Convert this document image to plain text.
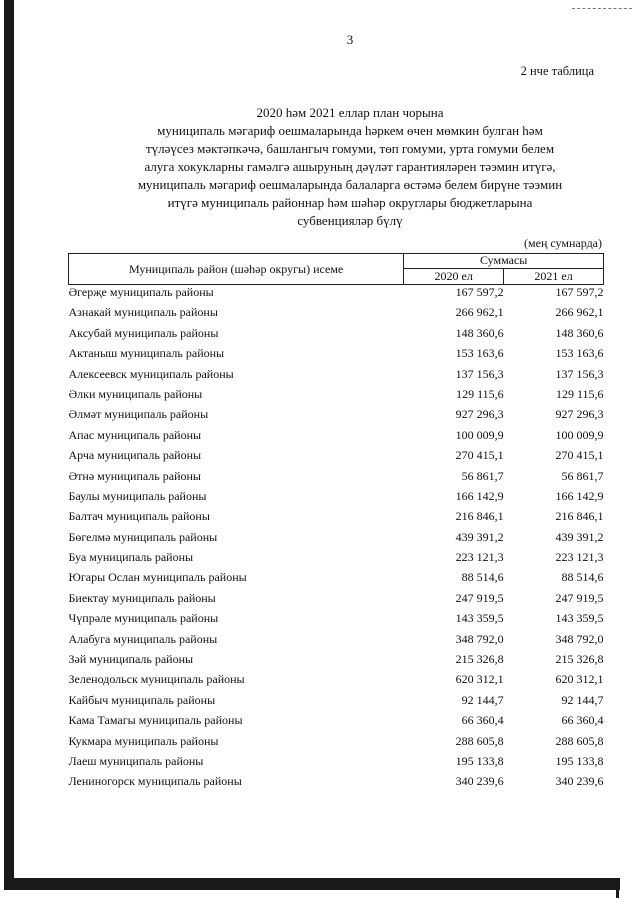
3
2 нче таблица
2020 һәм 2021 еллар план чорына
муниципаль мәгариф оешмаларында һәркем өчен мөмкин булган һәм
түләүсез мәктәпкәчә, башлангыч гомуми, төп гомуми, урта гомуми белем
алуга хокукларны гамәлгә ашыруның дәүләт гарантияләрен тәэмин итүгә,
муниципаль мәгариф оешмаларында балаларга өстәмә белем бирүне тәэмин
итүгә муниципаль районнар һәм шәһәр округлары бюджетларына
субвенцияләр бүлү
(мең сумнарда)
Муниципаль район (шәһәр округы) исеме	Суммасы	
	2020 ел	2021 ел
Әгерҗе муниципаль районы	167 597,2	167 597,2
Азнакай муниципаль районы	266 962,1	266 962,1
Аксубай муниципаль районы	148 360,6	148 360,6
Актаныш муниципаль районы	153 163,6	153 163,6
Алексеевск муниципаль районы	137 156,3	137 156,3
Әлки муниципаль районы	129 115,6	129 115,6
Әлмәт муниципаль районы	927 296,3	927 296,3
Апас муниципаль районы	100 009,9	100 009,9
Арча муниципаль районы	270 415,1	270 415,1
Әтнә муниципаль районы	56 861,7	56 861,7
Баулы муниципаль районы	166 142,9	166 142,9
Балтач муниципаль районы	216 846,1	216 846,1
Бөгелмә муниципаль районы	439 391,2	439 391,2
Буа муниципаль районы	223 121,3	223 121,3
Югары Ослан муниципаль районы	88 514,6	88 514,6
Биектау муниципаль районы	247 919,5	247 919,5
Чүпрәле муниципаль районы	143 359,5	143 359,5
Алабуга муниципаль районы	348 792,0	348 792,0
Зәй муниципаль районы	215 326,8	215 326,8
Зеленодольск муниципаль районы	620 312,1	620 312,1
Кайбыч муниципаль районы	92 144,7	92 144,7
Кама Тамагы муниципаль районы	66 360,4	66 360,4
Кукмара муниципаль районы	288 605,8	288 605,8
Лаеш муниципаль районы	195 133,8	195 133,8
Лениногорск муниципаль районы	340 239,6	340 239,6
